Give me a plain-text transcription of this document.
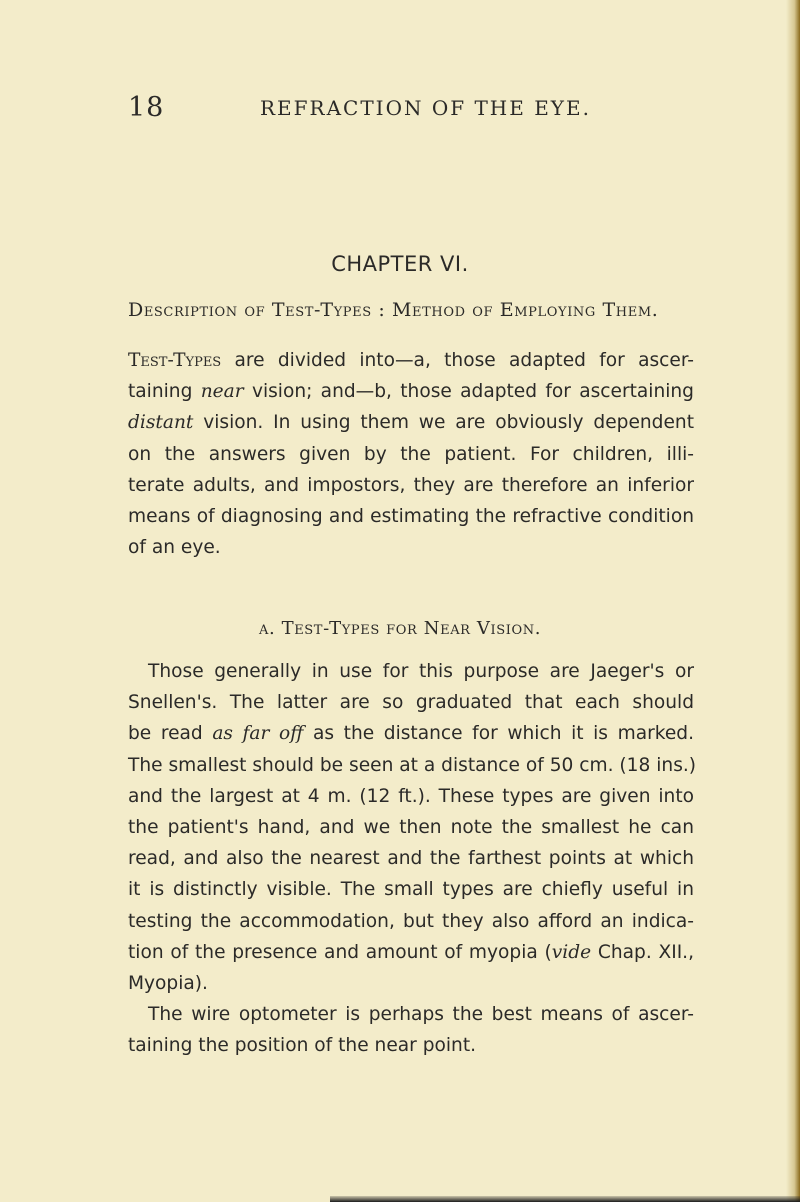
18	REFRACTION OF THE EYE.
CHAPTER VI.
Description of Test-Types : Method of Employing Them.
Test-Types are divided into—a, those adapted for ascer-
taining near vision; and—b, those adapted for ascertaining
distant vision. In using them we are obviously dependent
on the answers given by the patient. For children, illi-
terate adults, and impostors, they are therefore an inferior
means of diagnosing and estimating the refractive condition
of an eye.
a. Test-Types for Near Vision.
Those generally in use for this purpose are Jaeger's or
Snellen's. The latter are so graduated that each should
be read as far off as the distance for which it is marked.
The smallest should be seen at a distance of 50 cm. (18 ins.)
and the largest at 4 m. (12 ft.). These types are given into
the patient's hand, and we then note the smallest he can
read, and also the nearest and the farthest points at which
it is distinctly visible. The small types are chiefly useful in
testing the accommodation, but they also afford an indica-
tion of the presence and amount of myopia (vide Chap. XII.,
Myopia).
The wire optometer is perhaps the best means of ascer-
taining the position of the near point.
